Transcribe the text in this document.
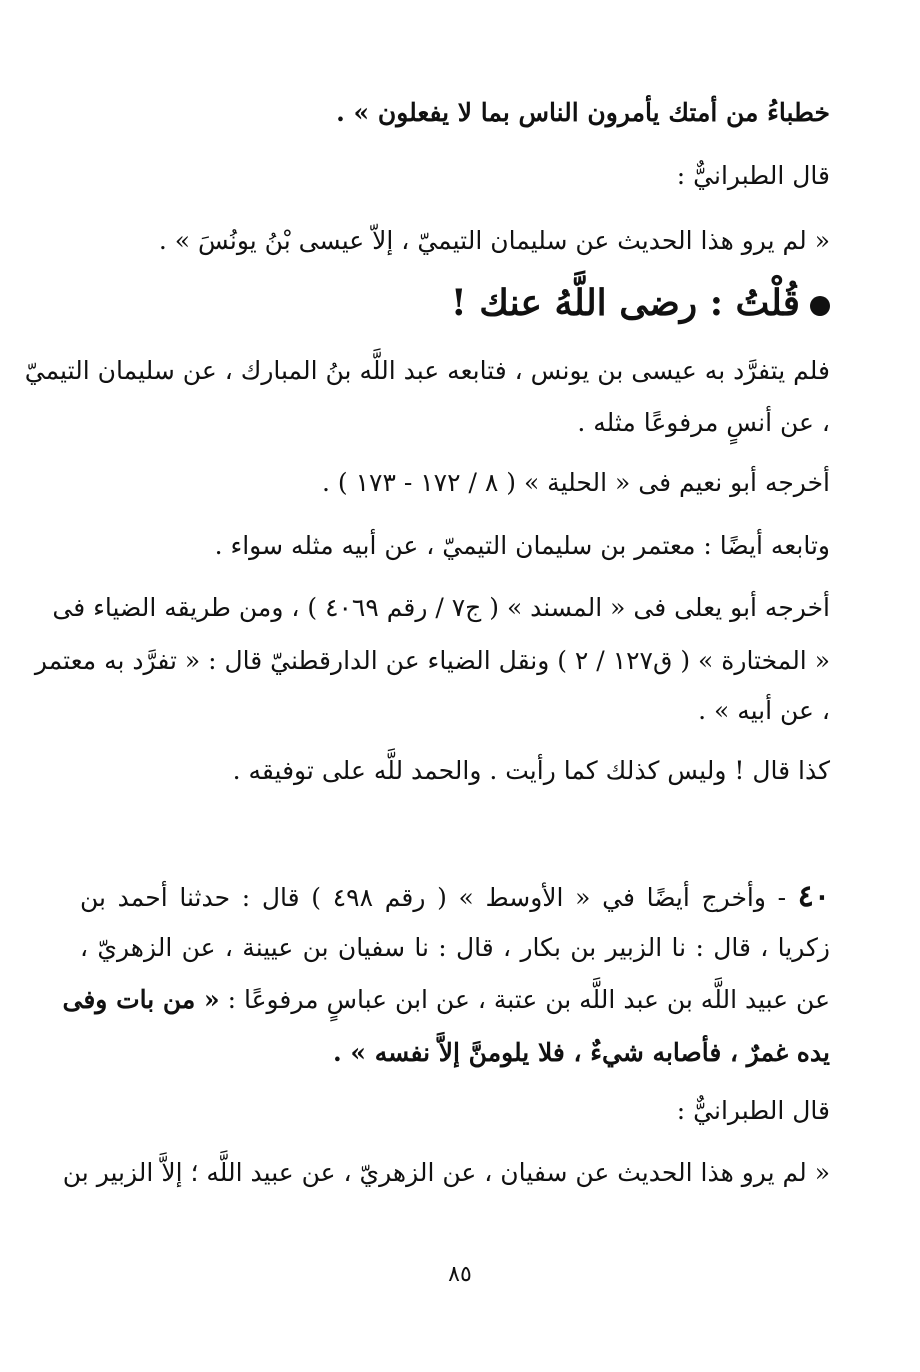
خطباءُ من أمتك يأمرون الناس بما لا يفعلون » .
قال الطبرانيٌّ :
« لم يرو هذا الحديث عن سليمان التيميّ ، إلاّ عيسى بْنُ يونُسَ » .
قُلْتُ : رضى اللَّهُ عنك !
فلم يتفرَّد به عيسى بن يونس ، فتابعه عبد اللَّه بنُ المبارك ، عن سليمان التيميّ
، عن أنسٍ مرفوعًا مثله .
أخرجه أبو نعيم فى « الحلية » ( ٨ / ١٧٢ - ١٧٣ ) .
وتابعه أيضًا : معتمر بن سليمان التيميّ ، عن أبيه مثله سواء .
أخرجه أبو يعلى فى « المسند » ( ج٧ / رقم ٤٠٦٩ ) ، ومن طريقه الضياء فى
« المختارة » ( ق١٢٧ / ٢ ) ونقل الضياء عن الدارقطنيّ قال : « تفرَّد به معتمر
، عن أبيه » .
كذا قال ! وليس كذلك كما رأيت . والحمد للَّه على توفيقه .
٤٠ - وأخرج أيضًا في « الأوسط » ( رقم ٤٩٨ ) قال : حدثنا أحمد بن
زكريا ، قال : نا الزبير بن بكار ، قال : نا سفيان بن عيينة ، عن الزهريّ ،
عن عبيد اللَّه بن عبد اللَّه بن عتبة ، عن ابن عباسٍ مرفوعًا : « من بات وفى
يده غمرٌ ، فأصابه شيءٌ ، فلا يلومنَّ إلاَّ نفسه » .
قال الطبرانيٌّ :
« لم يرو هذا الحديث عن سفيان ، عن الزهريّ ، عن عبيد اللَّه ؛ إلاَّ الزبير بن
٨٥
